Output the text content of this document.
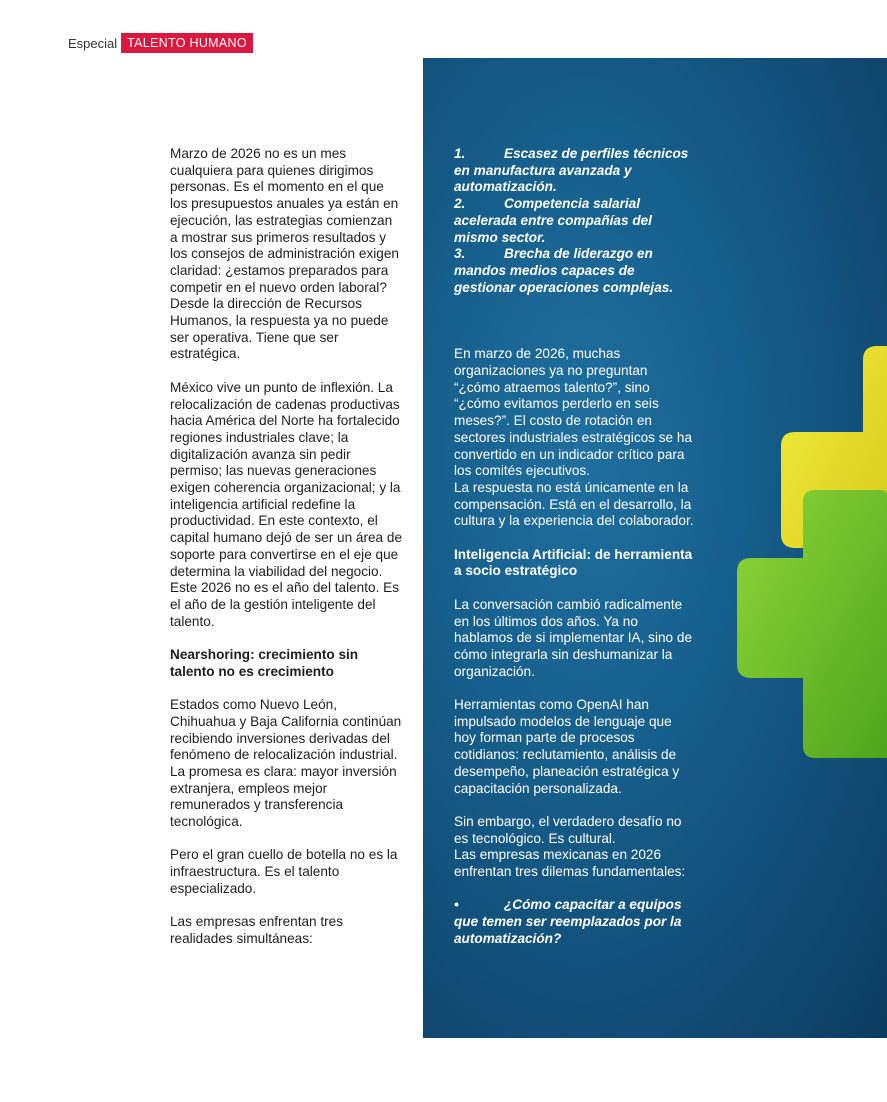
Especial TALENTO HUMANO

Marzo de 2026 no es un mes cualquiera para quienes dirigimos personas. Es el momento en el que los presupuestos anuales ya están en ejecución, las estrategias comienzan a mostrar sus primeros resultados y los consejos de administración exigen claridad: ¿estamos preparados para competir en el nuevo orden laboral? Desde la dirección de Recursos Humanos, la respuesta ya no puede ser operativa. Tiene que ser estratégica.

México vive un punto de inflexión. La relocalización de cadenas productivas hacia América del Norte ha fortalecido regiones industriales clave; la digitalización avanza sin pedir permiso; las nuevas generaciones exigen coherencia organizacional; y la inteligencia artificial redefine la productividad. En este contexto, el capital humano dejó de ser un área de soporte para convertirse en el eje que determina la viabilidad del negocio. Este 2026 no es el año del talento. Es el año de la gestión inteligente del talento.

Nearshoring: crecimiento sin talento no es crecimiento

Estados como Nuevo León, Chihuahua y Baja California continúan recibiendo inversiones derivadas del fenómeno de relocalización industrial. La promesa es clara: mayor inversión extranjera, empleos mejor remunerados y transferencia tecnológica.

Pero el gran cuello de botella no es la infraestructura. Es el talento especializado.

Las empresas enfrentan tres realidades simultáneas:

1.	Escasez de perfiles técnicos en manufactura avanzada y automatización.
2.	Competencia salarial acelerada entre compañías del mismo sector.
3.	Brecha de liderazgo en mandos medios capaces de gestionar operaciones complejas.

En marzo de 2026, muchas organizaciones ya no preguntan “¿cómo atraemos talento?”, sino “¿cómo evitamos perderlo en seis meses?”. El costo de rotación en sectores industriales estratégicos se ha convertido en un indicador crítico para los comités ejecutivos.

La respuesta no está únicamente en la compensación. Está en el desarrollo, la cultura y la experiencia del colaborador.

Inteligencia Artificial: de herramienta a socio estratégico

La conversación cambió radicalmente en los últimos dos años. Ya no hablamos de si implementar IA, sino de cómo integrarla sin deshumanizar la organización.

Herramientas como OpenAI han impulsado modelos de lenguaje que hoy forman parte de procesos cotidianos: reclutamiento, análisis de desempeño, planeación estratégica y capacitación personalizada.

Sin embargo, el verdadero desafío no es tecnológico. Es cultural.

Las empresas mexicanas en 2026 enfrentan tres dilemas fundamentales:

•	¿Cómo capacitar a equipos que temen ser reemplazados por la automatización?
